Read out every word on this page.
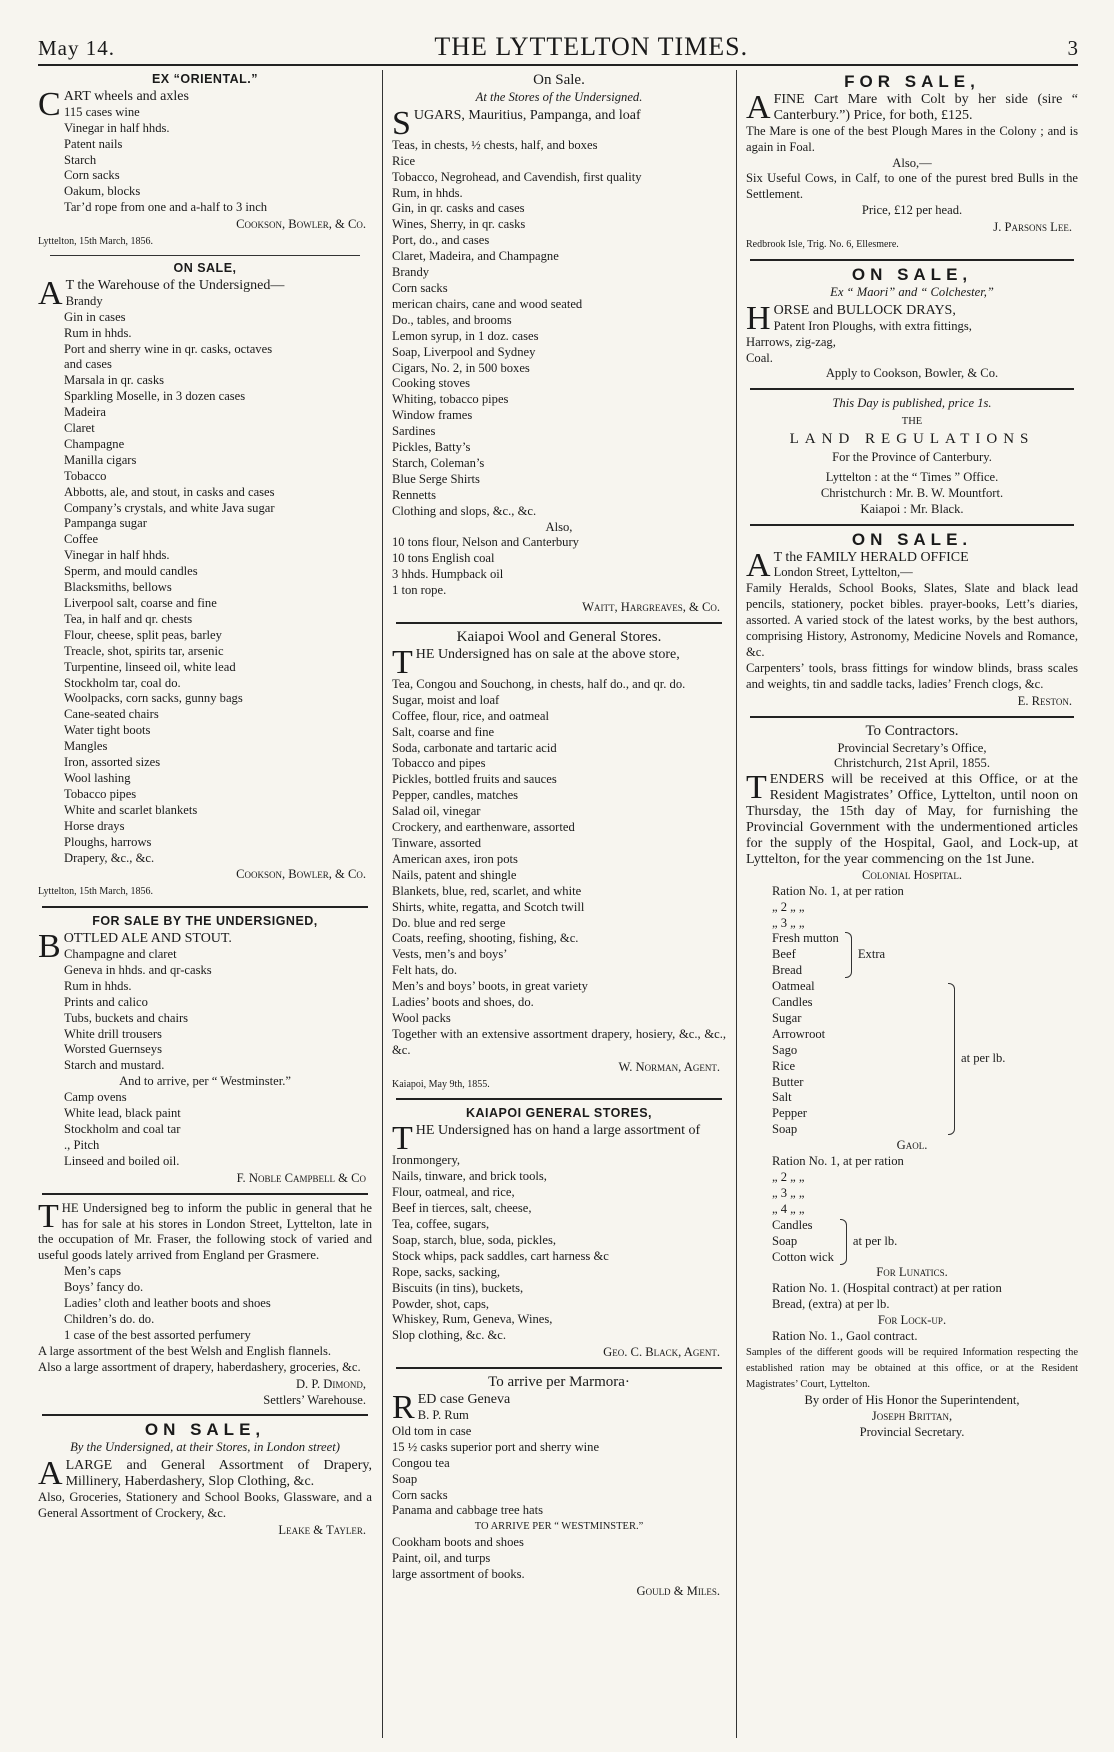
May 14.	THE LYTTELTON TIMES.	3
EX “ORIENTAL.”
C ART wheels and axles
115 cases wine
Vinegar in half hhds.
Patent nails
Starch
Corn sacks
Oakum, blocks
Tar’d rope from one and a-half to 3 inch
Cookson, Bowler, & Co.
Lyttelton, 15th March, 1856.
ON SALE,
A T the Warehouse of the Undersigned—
Brandy
Gin in cases
Rum in hhds.
Port and sherry wine in qr. casks, octaves
and cases
Marsala in qr. casks
Sparkling Moselle, in 3 dozen cases
Madeira
Claret
Champagne
Manilla cigars
Tobacco
Abbotts, ale, and stout, in casks and cases
Company’s crystals, and white Java sugar
Pampanga sugar
Coffee
Vinegar in half hhds.
Sperm, and mould candles
Blacksmiths, bellows
Liverpool salt, coarse and fine
Tea, in half and qr. chests
Flour, cheese, split peas, barley
Treacle, shot, spirits tar, arsenic
Turpentine, linseed oil, white lead
Stockholm tar, coal do.
Woolpacks, corn sacks, gunny bags
Cane-seated chairs
Water tight boots
Mangles
Iron, assorted sizes
Wool lashing
Tobacco pipes
White and scarlet blankets
Horse drays
Ploughs, harrows
Drapery, &c., &c.
Cookson, Bowler, & Co.
Lyttelton, 15th March, 1856.
FOR SALE BY THE UNDERSIGNED,
B OTTLED ALE AND STOUT.
Champagne and claret
Geneva in hhds. and qr-casks
Rum in hhds.
Prints and calico
Tubs, buckets and chairs
White drill trousers
Worsted Guernseys
Starch and mustard.
And to arrive, per “ Westminster.”
Camp ovens
White lead, black paint
Stockholm and coal tar
., Pitch
Linseed and boiled oil.
F. Noble Campbell & Co

T HE Undersigned beg to inform the public in general that he has for sale at his stores in London Street, Lyttelton, late in the occupation of Mr. Fraser, the following stock of varied and useful goods lately arrived from England per Grasmere.

Men’s caps
Boys’ fancy do.
Ladies’ cloth and leather boots and shoes
Children’s do. do.
1 case of the best assorted perfumery

A large assortment of the best Welsh and English flannels.

Also a large assortment of drapery, haberdashery, groceries, &c.

D. P. Dimond,
Settlers’ Warehouse.
ON SALE,
By the Undersigned, at their Stores, in London street)

A LARGE and General Assortment of Drapery, Millinery, Haberdashery, Slop Clothing, &c.

Also, Groceries, Stationery and School Books, Glassware, and a General Assortment of Crockery, &c.

Leake & Tayler.
On Sale.
At the Stores of the Undersigned.
S UGARS, Mauritius, Pampanga, and loaf
Teas, in chests, ½ chests, half, and boxes
Rice
Tobacco, Negrohead, and Cavendish, first quality
Rum, in hhds.
Gin, in qr. casks and cases
Wines, Sherry, in qr. casks
Port, do., and cases
Claret, Madeira, and Champagne
Brandy
Corn sacks
merican chairs, cane and wood seated
Do., tables, and brooms
Lemon syrup, in 1 doz. cases
Soap, Liverpool and Sydney
Cigars, No. 2, in 500 boxes
Cooking stoves
Whiting, tobacco pipes
Window frames
Sardines
Pickles, Batty’s
Starch, Coleman’s
Blue Serge Shirts
Rennetts
Clothing and slops, &c., &c.
Also,
10 tons flour, Nelson and Canterbury
10 tons English coal
3 hhds. Humpback oil
1 ton rope.
Waitt, Hargreaves, & Co.
Kaiapoi Wool and General Stores.
T HE Undersigned has on sale at the above store,
Tea, Congou and Souchong, in chests, half do., and qr. do.
Sugar, moist and loaf
Coffee, flour, rice, and oatmeal
Salt, coarse and fine
Soda, carbonate and tartaric acid
Tobacco and pipes
Pickles, bottled fruits and sauces
Pepper, candles, matches
Salad oil, vinegar
Crockery, and earthenware, assorted
Tinware, assorted
American axes, iron pots
Nails, patent and shingle
Blankets, blue, red, scarlet, and white
Shirts, white, regatta, and Scotch twill
Do. blue and red serge
Coats, reefing, shooting, fishing, &c.
Vests, men’s and boys’
Felt hats, do.
Men’s and boys’ boots, in great variety
Ladies’ boots and shoes, do.
Wool packs

Together with an extensive assortment drapery, hosiery, &c., &c., &c.

W. Norman, Agent.
Kaiapoi, May 9th, 1855.
KAIAPOI GENERAL STORES,
T HE Undersigned has on hand a large assortment of
Ironmongery,
Nails, tinware, and brick tools,
Flour, oatmeal, and rice,
Beef in tierces, salt, cheese,
Tea, coffee, sugars,
Soap, starch, blue, soda, pickles,
Stock whips, pack saddles, cart harness &c
Rope, sacks, sacking,
Biscuits (in tins), buckets,
Powder, shot, caps,
Whiskey, Rum, Geneva, Wines,
Slop clothing, &c. &c.
Geo. C. Black, Agent.
To arrive per Marmora·
R ED case Geneva
B. P. Rum
Old tom in case
15 ½ casks superior port and sherry wine
Congou tea
Soap
Corn sacks
Panama and cabbage tree hats
TO ARRIVE PER “ WESTMINSTER.”
Cookham boots and shoes
Paint, oil, and turps
large assortment of books.
Gould & Miles.
FOR SALE,

A FINE Cart Mare with Colt by her side (sire “ Canterbury.”) Price, for both, £125.

The Mare is one of the best Plough Mares in the Colony ; and is again in Foal.

Also,—

Six Useful Cows, in Calf, to one of the purest bred Bulls in the Settlement.

Price, £12 per head.
J. Parsons Lee.
Redbrook Isle, Trig. No. 6, Ellesmere.
ON SALE,
Ex “ Maori” and “ Colchester,”
H ORSE and BULLOCK DRAYS,
Patent Iron Ploughs, with extra fittings,
Harrows, zig-zag,
Coal.
Apply to Cookson, Bowler, & Co.
This Day is published, price 1s.
THE
LAND REGULATIONS
For the Province of Canterbury.
Lyttelton : at the “ Times ” Office.
Christchurch : Mr. B. W. Mountfort.
Kaiapoi : Mr. Black.
ON SALE.
A T the FAMILY HERALD OFFICE
London Street, Lyttelton,—

Family Heralds, School Books, Slates, Slate and black lead pencils, stationery, pocket bibles. prayer-books, Lett’s diaries, assorted. A varied stock of the latest works, by the best authors, comprising History, Astronomy, Medicine Novels and Romance, &c.

Carpenters’ tools, brass fittings for window blinds, brass scales and weights, tin and saddle tacks, ladies’ French clogs, &c.

E. Reston.
To Contractors.
Provincial Secretary’s Office,
Christchurch, 21st April, 1855.

T ENDERS will be received at this Office, or at the Resident Magistrates’ Office, Lyttelton, until noon on Thursday, the 15th day of May, for furnishing the Provincial Government with the undermentioned articles for the supply of the Hospital, Gaol, and Lock-up, at Lyttelton, for the year commencing on the 1st June.

Colonial Hospital.
Ration No. 1, at per ration
„ 2 „ „
„ 3 „ „
Fresh mutton
Beef
Bread
Extra
Oatmeal
Candles
Sugar
Arrowroot
Sago
Rice
Butter
Salt
Pepper
Soap
at per lb.
Gaol.
Ration No. 1, at per ration
„ 2 „ „
„ 3 „ „
„ 4 „ „
Candles
Soap
Cotton wick
at per lb.
For Lunatics.
Ration No. 1. (Hospital contract) at per ration
Bread, (extra) at per lb.
For Lock-up.
Ration No. 1., Gaol contract.

Samples of the different goods will be required Information respecting the established ration may be obtained at this office, or at the Resident Magistrates’ Court, Lyttelton.

By order of His Honor the Superintendent,
Joseph Brittan,
Provincial Secretary.
